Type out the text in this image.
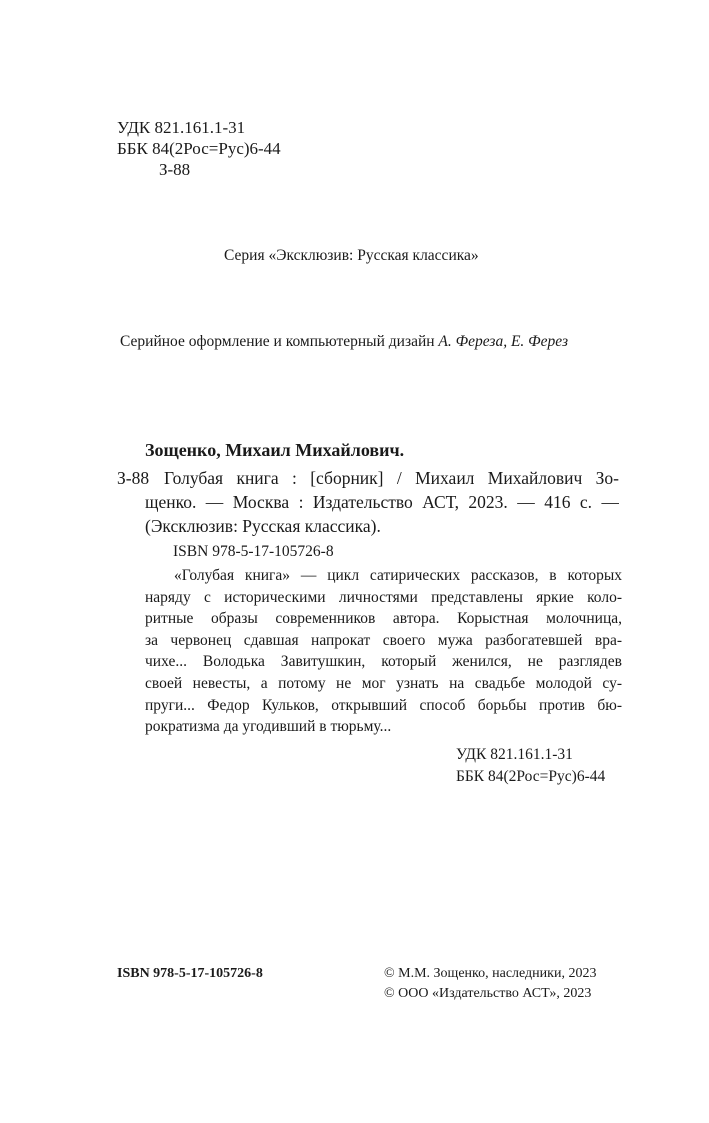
УДК 821.161.1-31
ББК 84(2Рос=Рус)6-44
З-88
Серия «Эксклюзив: Русская классика»
Серийное оформление и компьютерный дизайн А. Фереза, Е. Ферез
Зощенко, Михаил Михайлович.
З-88 Голубая книга : [сборник] / Михаил Михайлович Зо-
щенко. — Москва : Издательство АСТ, 2023. — 416 с. —
(Эксклюзив: Русская классика).
ISBN 978-5-17-105726-8
«Голубая книга» — цикл сатирических рассказов, в которых
наряду с историческими личностями представлены яркие коло-
ритные образы современников автора. Корыстная молочница,
за червонец сдавшая напрокат своего мужа разбогатевшей вра-
чихе... Володька Завитушкин, который женился, не разглядев
своей невесты, а потому не мог узнать на свадьбе молодой су-
пруги... Федор Кульков, открывший способ борьбы против бю-
рократизма да угодивший в тюрьму...
УДК 821.161.1-31
ББК 84(2Рос=Рус)6-44
ISBN 978-5-17-105726-8	© М.М. Зощенко, наследники, 2023
© ООО «Издательство АСТ», 2023
